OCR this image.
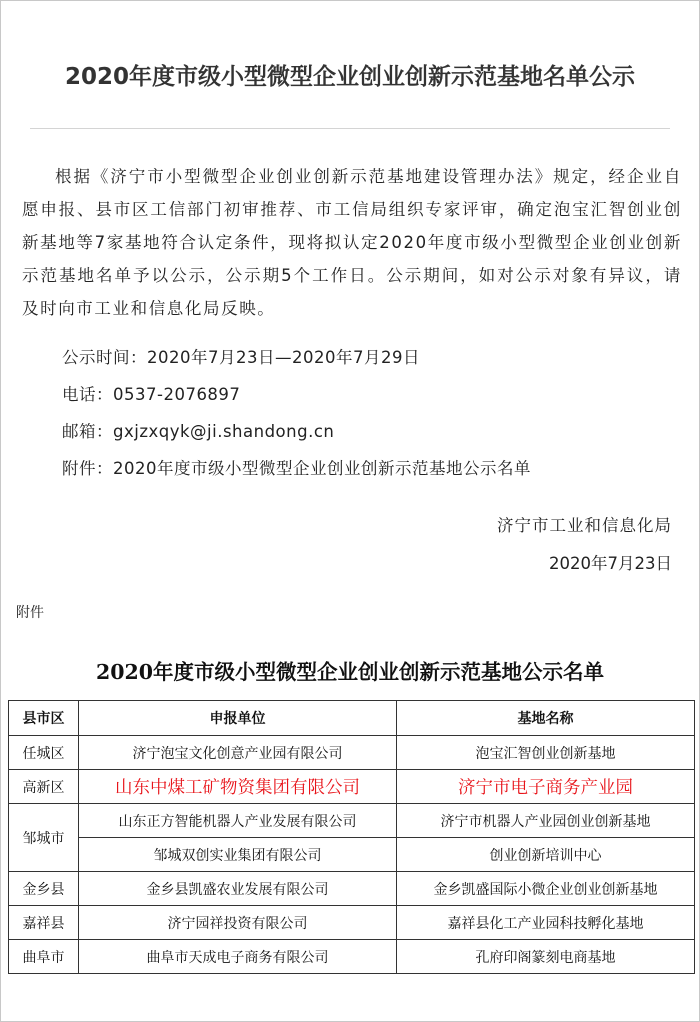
2020年度市级小型微型企业创业创新示范基地名单公示
根据《济宁市小型微型企业创业创新示范基地建设管理办法》规定，经企业自愿申报、县市区工信部门初审推荐、市工信局组织专家评审，确定泡宝汇智创业创新基地等7家基地符合认定条件，现将拟认定2020年度市级小型微型企业创业创新示范基地名单予以公示，公示期5个工作日。公示期间，如对公示对象有异议，请及时向市工业和信息化局反映。
公示时间：2020年7月23日—2020年7月29日
电话：0537-2076897
邮箱：gxjzxqyk@ji.shandong.cn
附件：2020年度市级小型微型企业创业创新示范基地公示名单
济宁市工业和信息化局
2020年7月23日
附件
2020年度市级小型微型企业创业创新示范基地公示名单
县市区	申报单位	基地名称
任城区	济宁泡宝文化创意产业园有限公司	泡宝汇智创业创新基地
高新区	山东中煤工矿物资集团有限公司	济宁市电子商务产业园
邹城市	山东正方智能机器人产业发展有限公司	济宁市机器人产业园创业创新基地
	邹城双创实业集团有限公司	创业创新培训中心
金乡县	金乡县凯盛农业发展有限公司	金乡凯盛国际小微企业创业创新基地
嘉祥县	济宁园祥投资有限公司	嘉祥县化工产业园科技孵化基地
曲阜市	曲阜市天成电子商务有限公司	孔府印阁篆刻电商基地
